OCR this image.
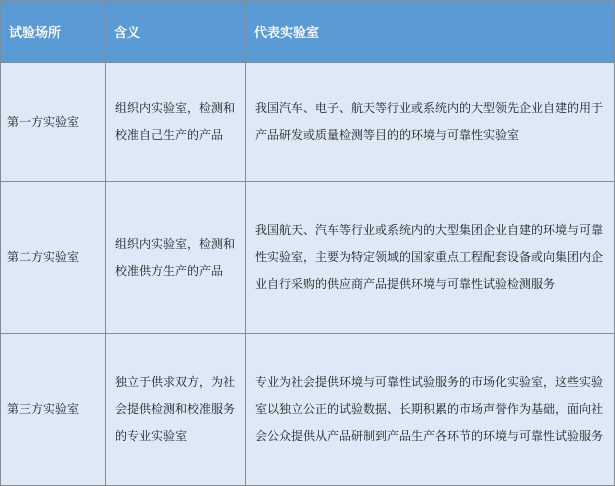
试验场所	含义	代表实验室
第一方实验室	组织内实验室，检测和校准自己生产的产品	我国汽车、电子、航天等行业或系统内的大型领先企业自建的用于产品研发或质量检测等目的的环境与可靠性实验室
第二方实验室	组织内实验室，检测和校准供方生产的产品	我国航天、汽车等行业或系统内的大型集团企业自建的环境与可靠性实验室，主要为特定领域的国家重点工程配套设备或向集团内企业自行采购的供应商产品提供环境与可靠性试验检测服务
第三方实验室	独立于供求双方，为社会提供检测和校准服务的专业实验室	专业为社会提供环境与可靠性试验服务的市场化实验室，这些实验室以独立公正的试验数据、长期积累的市场声誉作为基础，面向社会公众提供从产品研制到产品生产各环节的环境与可靠性试验服务
